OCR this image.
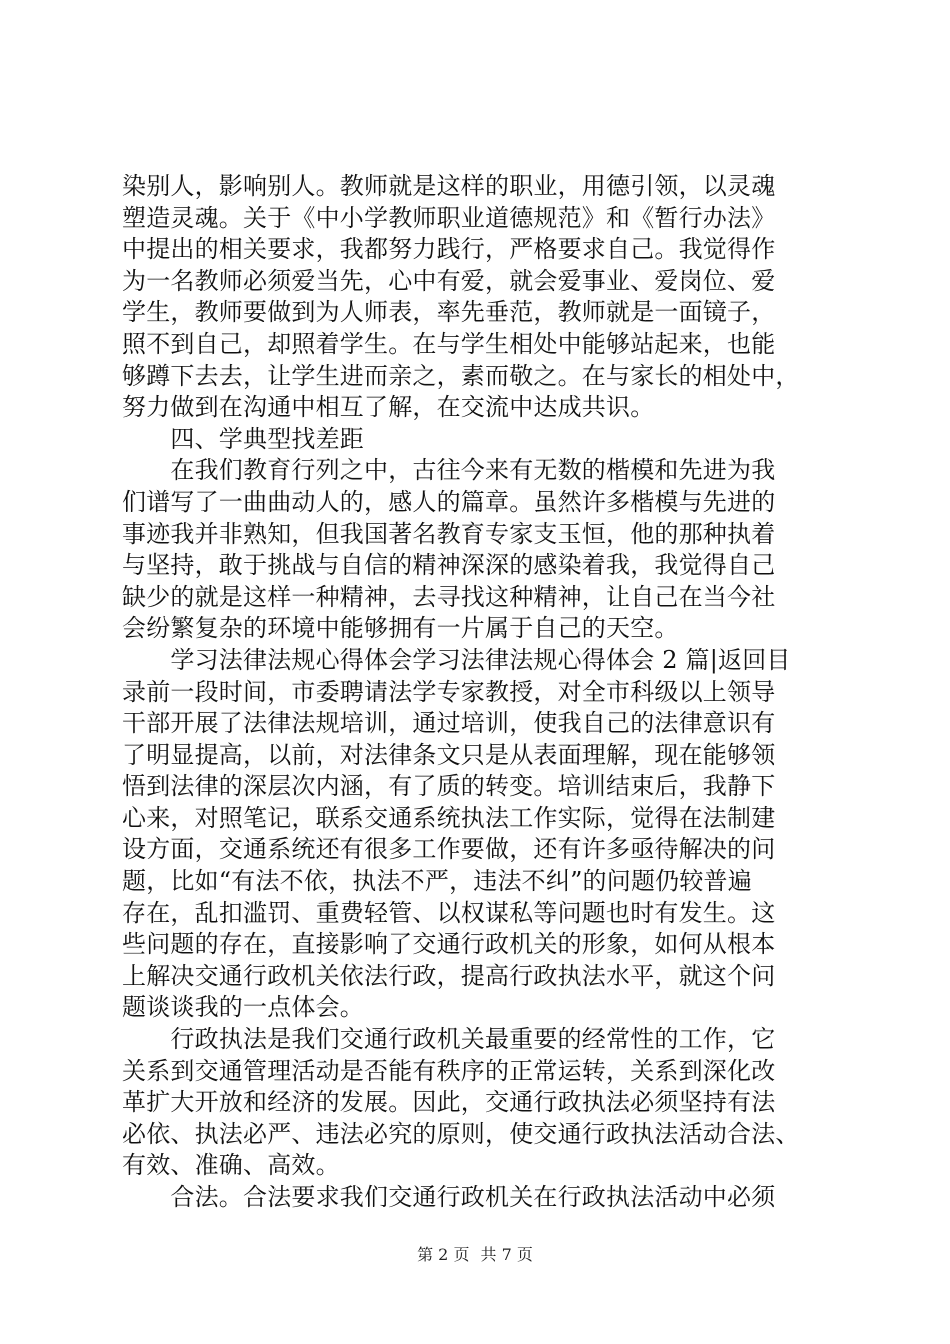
染别人，影响别人。教师就是这样的职业，用德引领，以灵魂
塑造灵魂。关于《中小学教师职业道德规范》和《暂行办法》
中提出的相关要求，我都努力践行，严格要求自己。我觉得作
为一名教师必须爱当先，心中有爱，就会爱事业、爱岗位、爱
学生，教师要做到为人师表，率先垂范，教师就是一面镜子，
照不到自己，却照着学生。在与学生相处中能够站起来，也能
够蹲下去去，让学生进而亲之，素而敬之。在与家长的相处中，
努力做到在沟通中相互了解，在交流中达成共识。
　　四、学典型找差距
　　在我们教育行列之中，古往今来有无数的楷模和先进为我
们谱写了一曲曲动人的，感人的篇章。虽然许多楷模与先进的
事迹我并非熟知，但我国著名教育专家支玉恒，他的那种执着
与坚持，敢于挑战与自信的精神深深的感染着我，我觉得自己
缺少的就是这样一种精神，去寻找这种精神，让自己在当今社
会纷繁复杂的环境中能够拥有一片属于自己的天空。
　　学习法律法规心得体会学习法律法规心得体会 2 篇|返回目
录前一段时间，市委聘请法学专家教授，对全市科级以上领导
干部开展了法律法规培训，通过培训，使我自己的法律意识有
了明显提高，以前，对法律条文只是从表面理解，现在能够领
悟到法律的深层次内涵，有了质的转变。培训结束后，我静下
心来，对照笔记，联系交通系统执法工作实际，觉得在法制建
设方面，交通系统还有很多工作要做，还有许多亟待解决的问
题，比如“有法不依，执法不严，违法不纠”的问题仍较普遍
存在，乱扣滥罚、重费轻管、以权谋私等问题也时有发生。这
些问题的存在，直接影响了交通行政机关的形象，如何从根本
上解决交通行政机关依法行政，提高行政执法水平，就这个问
题谈谈我的一点体会。
　　行政执法是我们交通行政机关最重要的经常性的工作，它
关系到交通管理活动是否能有秩序的正常运转，关系到深化改
革扩大开放和经济的发展。因此，交通行政执法必须坚持有法
必依、执法必严、违法必究的原则，使交通行政执法活动合法、
有效、准确、高效。
　　合法。合法要求我们交通行政机关在行政执法活动中必须
第 2 页 共 7 页
